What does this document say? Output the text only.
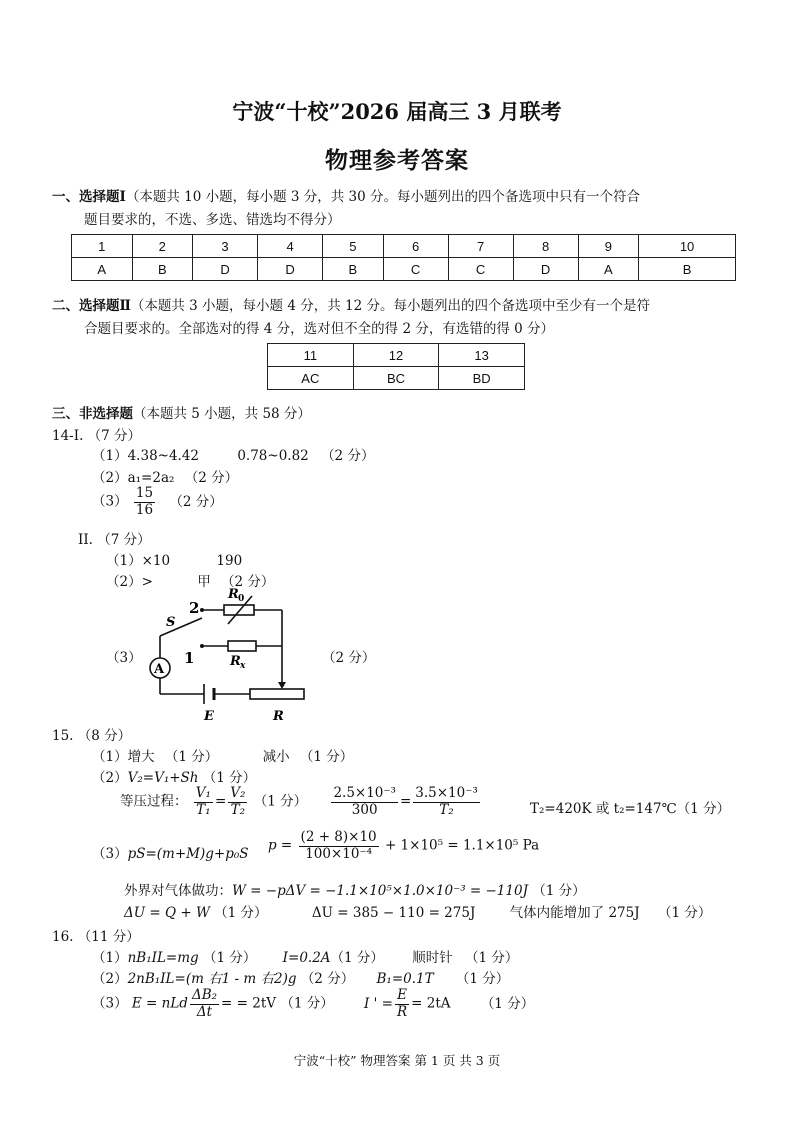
宁波“十校”2026 届高三 3 月联考
物理参考答案
一、选择题Ⅰ（本题共 10 小题，每小题 3 分，共 30 分。每小题列出的四个备选项中只有一个符合
题目要求的，不选、多选、错选均不得分）
1	2	3	4	5	6	7	8	9	10
A	B	D	D	B	C	C	D	A	B
二、选择题Ⅱ（本题共 3 小题，每小题 4 分，共 12 分。每小题列出的四个备选项中至少有一个是符
合题目要求的。全部选对的得 4 分，选对但不全的得 2 分，有选错的得 0 分）
11	12	13
AC	BC	BD
三、非选择题（本题共 5 小题，共 58 分）
14-I. （7 分）
（1）4.38~4.42	0.78~0.82 （2 分）
（2）a₁=2a₂ （2 分）
$(3) \frac{15}{16} (2$ 分）
II. （7 分）
（1）×10	190
（2）>	甲 （2 分）
（3）	（2 分）
2
1
S
R 0
R x
A
E	R
15. （8 分）
（1）增大 （1 分）	减小 （1 分）
（2）V₂=V₁+Sh （1 分）
等压过程： $\frac{\text{V₁}}{\text{T₁}} = \frac{\text{V₂}}{\text{T₂}} (1$ 分） $\frac{\text{2.5×10⁻³}}{300} = \frac{\text{3.5×10⁻³}}{\text{T₂}}$	T₂=420K 或 t₂=147℃（1 分）
（3）pS=(m+M)g+p₀S
$p = \frac{(2 + 8)\times 10}{\text{100×10⁻⁴}} + 1\times 10^5 = 1.1\times 10^5$ Pa
外界对气体做功：W = −pΔV = −1.1×10⁵×1.0×10⁻³ = −110J （1 分）
ΔU = Q + W （1 分）	ΔU = 385 − 110 = 275J	气体内能增加了 275J （1 分）
16. （11 分）
（1）nB₁IL=mg （1 分） I=0.2A（1 分） 顺时针 （1 分）
（2）2nB₁IL=(m 右1 - m 右2)g （2 分） B₁=0.1T （1 分）
（3） E = nLd $\frac{\text{ΔB₂}}{\Delta t}$ = = 2tV （1 分） I ' = $\frac{E}{R} = 2tA$ （1 分）
宁波“十校” 物理答案 第 1 页 共 3 页
